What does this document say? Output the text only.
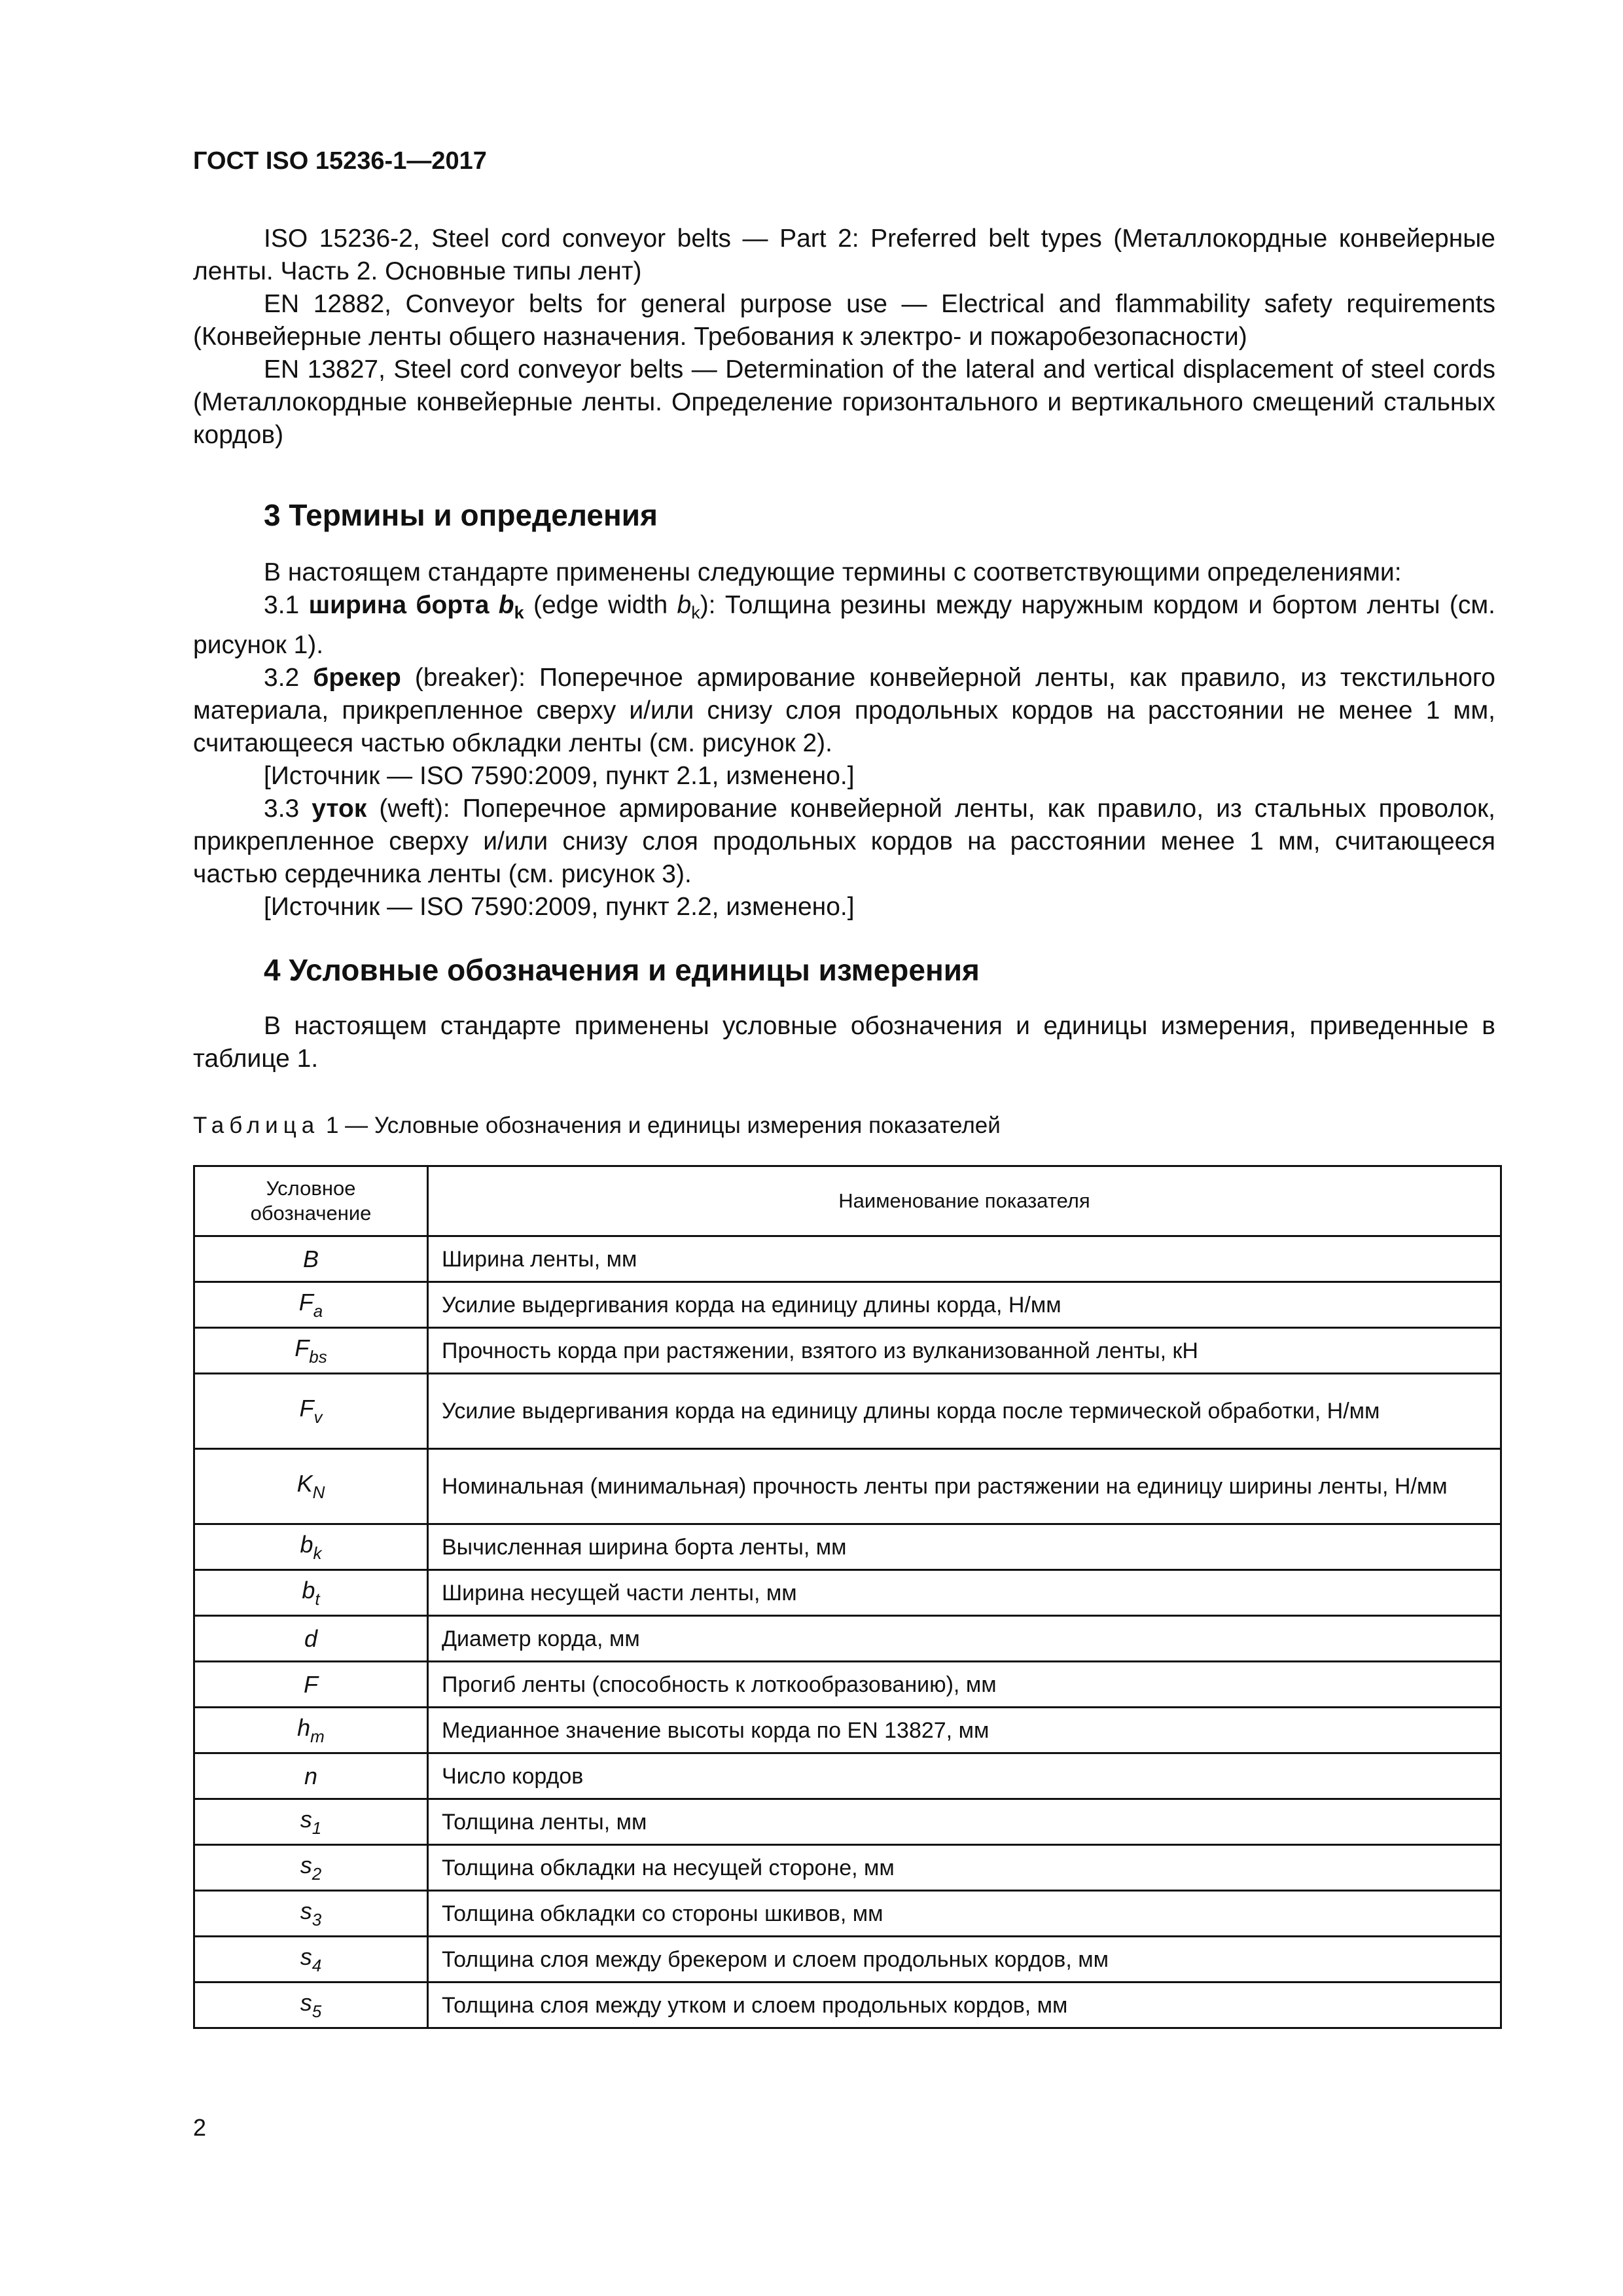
ГОСТ ISO 15236-1—2017

ISO 15236-2, Steel cord conveyor belts — Part 2: Preferred belt types (Металлокордные конвейерные ленты. Часть 2. Основные типы лент)

EN 12882, Conveyor belts for general purpose use — Electrical and flammability safety requirements (Конвейерные ленты общего назначения. Требования к электро- и пожаробезопасности)

EN 13827, Steel cord conveyor belts — Determination of the lateral and vertical displacement of steel cords (Металлокордные конвейерные ленты. Определение горизонтального и вертикального смещений стальных кордов)

3 Термины и определения

В настоящем стандарте применены следующие термины с соответствующими определениями:

3.1 ширина борта $b_k$ (edge width $b_k$): Толщина резины между наружным кордом и бортом ленты (см. рисунок 1).

3.2 брекер (breaker): Поперечное армирование конвейерной ленты, как правило, из текстильного материала, прикрепленное сверху и/или снизу слоя продольных кордов на расстоянии не менее 1 мм, считающееся частью обкладки ленты (см. рисунок 2).

[Источник — ISO 7590:2009, пункт 2.1, изменено.]

3.3 уток (weft): Поперечное армирование конвейерной ленты, как правило, из стальных проволок, прикрепленное сверху и/или снизу слоя продольных кордов на расстоянии менее 1 мм, считающееся частью сердечника ленты (см. рисунок 3).

[Источник — ISO 7590:2009, пункт 2.2, изменено.]

4 Условные обозначения и единицы измерения

В настоящем стандарте применены условные обозначения и единицы измерения, приведенные в таблице 1.

Таблица 1 — Условные обозначения и единицы измерения показателей
Условное обозначение	Наименование показателя
B	Ширина ленты, мм
$F_a$	Усилие выдергивания корда на единицу длины корда, Н/мм
$F_{bs}$	Прочность корда при растяжении, взятого из вулканизованной ленты, кН
$F_v$	Усилие выдергивания корда на единицу длины корда после термической обработки, Н/мм
$K_N$	Номинальная (минимальная) прочность ленты при растяжении на единицу ширины ленты, Н/мм
$b_k$	Вычисленная ширина борта ленты, мм
$b_t$	Ширина несущей части ленты, мм
d	Диаметр корда, мм
F	Прогиб ленты (способность к лоткообразованию), мм
$h_m$	Медианное значение высоты корда по EN 13827, мм
n	Число кордов
$s_1$	Толщина ленты, мм
$s_2$	Толщина обкладки на несущей стороне, мм
$s_3$	Толщина обкладки со стороны шкивов, мм
$s_4$	Толщина слоя между брекером и слоем продольных кордов, мм
$s_5$	Толщина слоя между утком и слоем продольных кордов, мм
2
